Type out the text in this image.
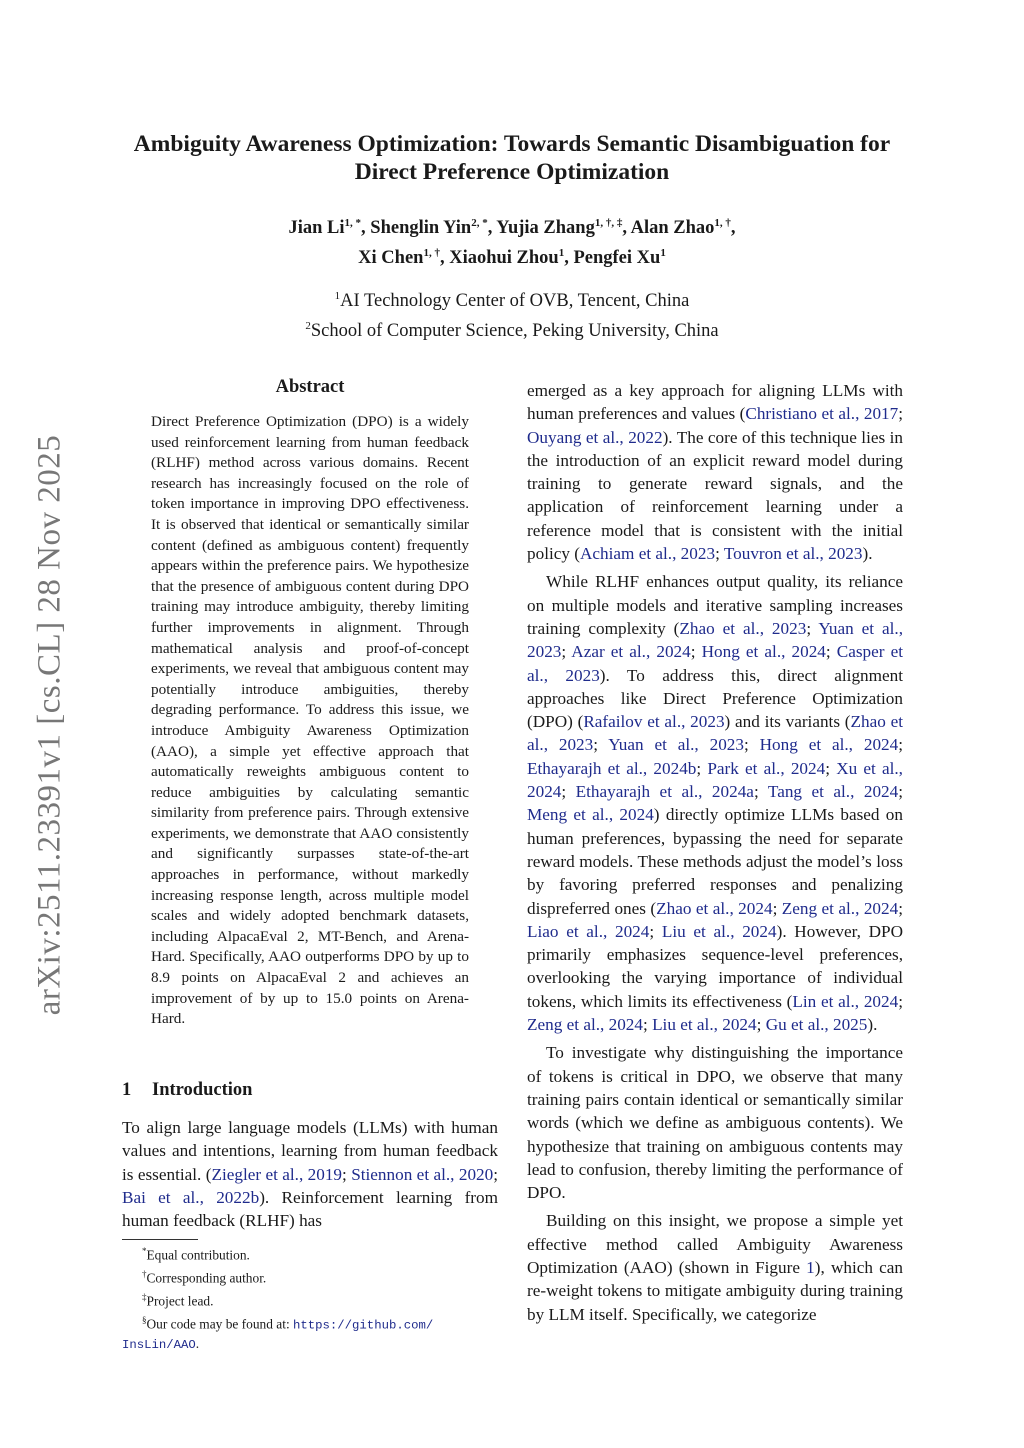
arXiv:2511.23391v1 [cs.CL] 28 Nov 2025
Ambiguity Awareness Optimization: Towards Semantic Disambiguation for
Direct Preference Optimization
Jian $Li^{1, *}$, Shenglin Yin$^{2, *}$, Yujia Zhang$^{1, \dagger, \ddagger}$, Alan Zhao$^{1, \dagger}$,
Xi Chen$^{1, \dagger}$, Xiaohui Zhou$^1$, Pengfei Xu$^1$
$^1$AI Technology Center of OVB, Tencent, China
$^2$School of Computer Science, Peking University, China
Abstract
Direct Preference Optimization (DPO) is a widely used reinforcement learning from human feedback (RLHF) method across various domains. Recent research has increasingly focused on the role of token importance in improving DPO effectiveness. It is observed that identical or semantically similar content (defined as ambiguous content) frequently appears within the preference pairs. We hypothesize that the presence of ambiguous content during DPO training may introduce ambiguity, thereby limiting further improvements in alignment. Through mathematical analysis and proof-of-concept experiments, we reveal that ambiguous content may potentially introduce ambiguities, thereby degrading performance. To address this issue, we introduce Ambiguity Awareness Optimization (AAO), a simple yet effective approach that automatically reweights ambiguous content to reduce ambiguities by calculating semantic similarity from preference pairs. Through extensive experiments, we demonstrate that AAO consistently and significantly surpasses state-of-the-art approaches in performance, without markedly increasing response length, across multiple model scales and widely adopted benchmark datasets, including AlpacaEval 2, MT-Bench, and Arena-Hard. Specifically, AAO outperforms DPO by up to 8.9 points on AlpacaEval 2 and achieves an improvement of by up to 15.0 points on Arena-Hard.
1 Introduction
To align large language models (LLMs) with human values and intentions, learning from human feedback is essential. (Ziegler et al., 2019; Stiennon et al., 2020; Bai et al., 2022b). Reinforcement learning from human feedback (RLHF) has
*Equal contribution.
†Corresponding author.
‡Project lead.
§Our code may be found at: https://github.com/
InsLin/AAO.

emerged as a key approach for aligning LLMs with human preferences and values (Christiano et al., 2017; Ouyang et al., 2022). The core of this technique lies in the introduction of an explicit reward model during training to generate reward signals, and the application of reinforcement learning under a reference model that is consistent with the initial policy (Achiam et al., 2023; Touvron et al., 2023).

While RLHF enhances output quality, its reliance on multiple models and iterative sampling increases training complexity (Zhao et al., 2023; Yuan et al., 2023; Azar et al., 2024; Hong et al., 2024; Casper et al., 2023). To address this, direct alignment approaches like Direct Preference Optimization (DPO) (Rafailov et al., 2023) and its variants (Zhao et al., 2023; Yuan et al., 2023; Hong et al., 2024; Ethayarajh et al., 2024b; Park et al., 2024; Xu et al., 2024; Ethayarajh et al., 2024a; Tang et al., 2024; Meng et al., 2024) directly optimize LLMs based on human preferences, bypassing the need for separate reward models. These methods adjust the model’s loss by favoring preferred responses and penalizing dispreferred ones (Zhao et al., 2024; Zeng et al., 2024; Liao et al., 2024; Liu et al., 2024). However, DPO primarily emphasizes sequence-level preferences, overlooking the varying importance of individual tokens, which limits its effectiveness (Lin et al., 2024; Zeng et al., 2024; Liu et al., 2024; Gu et al., 2025).

To investigate why distinguishing the importance of tokens is critical in DPO, we observe that many training pairs contain identical or semantically similar words (which we define as ambiguous contents). We hypothesize that training on ambiguous contents may lead to confusion, thereby limiting the performance of DPO.

Building on this insight, we propose a simple yet effective method called Ambiguity Awareness Optimization (AAO) (shown in Figure 1), which can re-weight tokens to mitigate ambiguity during training by LLM itself. Specifically, we categorize
